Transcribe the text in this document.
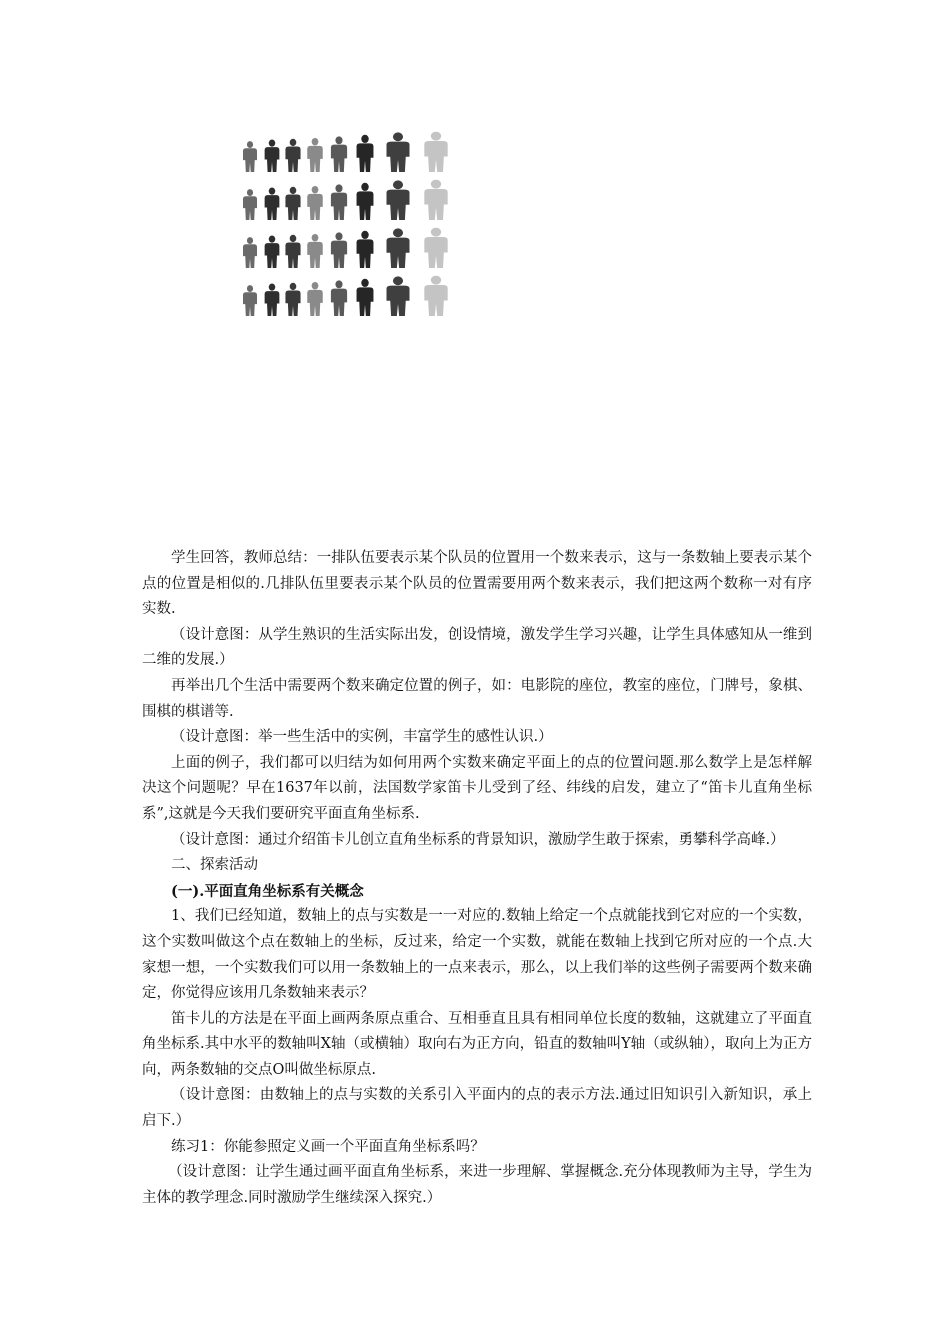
学生回答，教师总结：一排队伍要表示某个队员的位置用一个数来表示，这与一条数轴上要表示某个点的位置是相似的.几排队伍里要表示某个队员的位置需要用两个数来表示，我们把这两个数称一对有序实数.

（设计意图：从学生熟识的生活实际出发，创设情境，激发学生学习兴趣，让学生具体感知从一维到二维的发展.）

再举出几个生活中需要两个数来确定位置的例子，如：电影院的座位，教室的座位，门牌号，象棋、围棋的棋谱等.

（设计意图：举一些生活中的实例，丰富学生的感性认识.）

上面的例子，我们都可以归结为如何用两个实数来确定平面上的点的位置问题.那么数学上是怎样解决这个问题呢？早在1637年以前，法国数学家笛卡儿受到了经、纬线的启发，建立了“笛卡儿直角坐标系”,这就是今天我们要研究平面直角坐标系.

（设计意图：通过介绍笛卡儿创立直角坐标系的背景知识，激励学生敢于探索，勇攀科学高峰.）

二、探索活动

(一).平面直角坐标系有关概念

1、我们已经知道，数轴上的点与实数是一一对应的.数轴上给定一个点就能找到它对应的一个实数，这个实数叫做这个点在数轴上的坐标，反过来，给定一个实数，就能在数轴上找到它所对应的一个点.大家想一想，一个实数我们可以用一条数轴上的一点来表示，那么，以上我们举的这些例子需要两个数来确定，你觉得应该用几条数轴来表示？

笛卡儿的方法是在平面上画两条原点重合、互相垂直且具有相同单位长度的数轴，这就建立了平面直角坐标系.其中水平的数轴叫X轴（或横轴）取向右为正方向，铅直的数轴叫Y轴（或纵轴），取向上为正方向，两条数轴的交点O叫做坐标原点.

（设计意图：由数轴上的点与实数的关系引入平面内的点的表示方法.通过旧知识引入新知识，承上启下.）

练习1：你能参照定义画一个平面直角坐标系吗？

（设计意图：让学生通过画平面直角坐标系，来进一步理解、掌握概念.充分体现教师为主导，学生为主体的教学理念.同时激励学生继续深入探究.）
